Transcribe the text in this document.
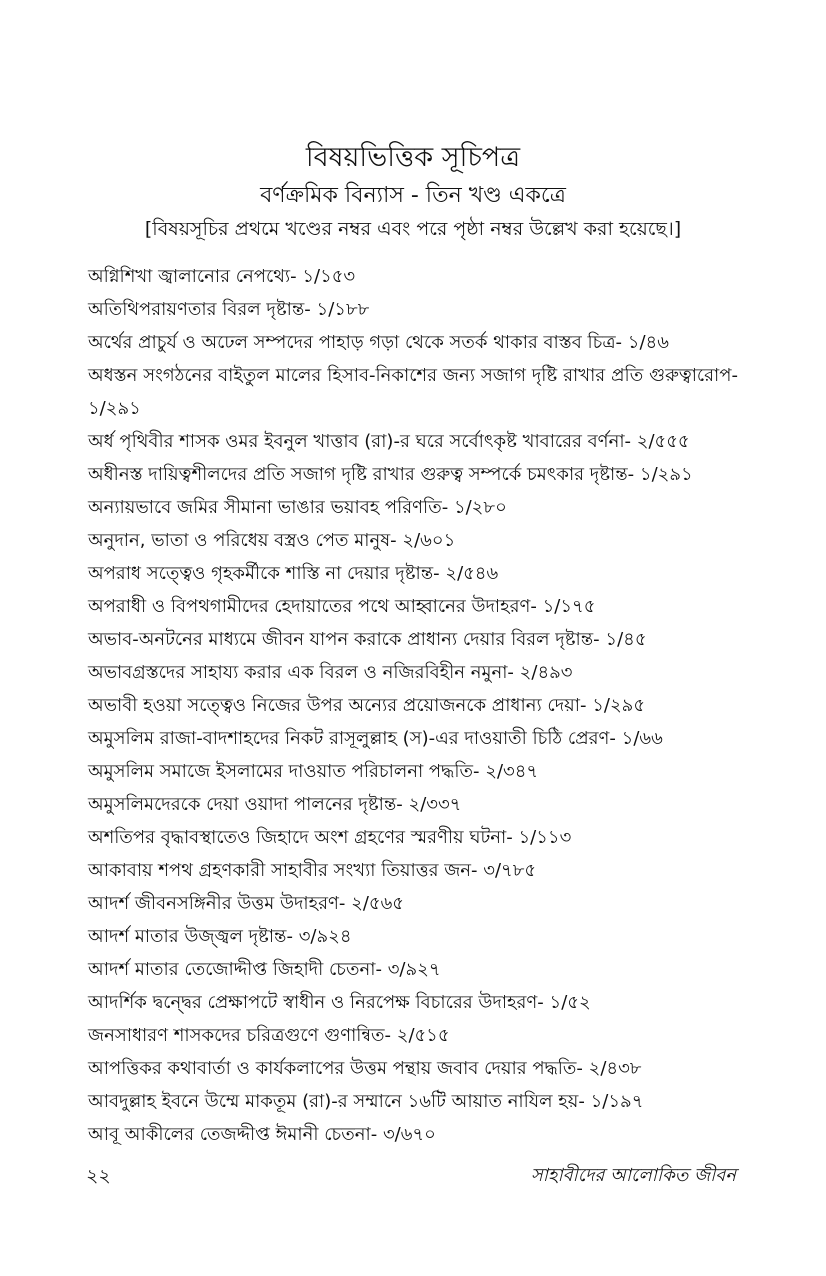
বিষয়ভিত্তিক সূচিপত্র
বর্ণক্রমিক বিন্যাস - তিন খণ্ড একত্রে
[বিষয়সূচির প্রথমে খণ্ডের নম্বর এবং পরে পৃষ্ঠা নম্বর উল্লেখ করা হয়েছে।]

অগ্নিশিখা জ্বালানোর নেপথ্যে- ১/১৫৩

অতিথিপরায়ণতার বিরল দৃষ্টান্ত- ১/১৮৮

অর্থের প্রাচুর্য ও অঢেল সম্পদের পাহাড় গড়া থেকে সতর্ক থাকার বাস্তব চিত্র- ১/৪৬

অধস্তন সংগঠনের বাইতুল মালের হিসাব-নিকাশের জন্য সজাগ দৃষ্টি রাখার প্রতি গুরুত্বারোপ- ১/২৯১

অর্ধ পৃথিবীর শাসক ওমর ইবনুল খাত্তাব (রা)-র ঘরে সর্বোৎকৃষ্ট খাবারের বর্ণনা- ২/৫৫৫

অধীনস্ত দায়িত্বশীলদের প্রতি সজাগ দৃষ্টি রাখার গুরুত্ব সম্পর্কে চমৎকার দৃষ্টান্ত- ১/২৯১

অন্যায়ভাবে জমির সীমানা ভাঙার ভয়াবহ পরিণতি- ১/২৮০

অনুদান, ভাতা ও পরিধেয় বস্ত্রও পেত মানুষ- ২/৬০১

অপরাধ সত্ত্বেও গৃহকর্মীকে শাস্তি না দেয়ার দৃষ্টান্ত- ২/৫৪৬

অপরাধী ও বিপথগামীদের হেদায়াতের পথে আহ্বানের উদাহরণ- ১/১৭৫

অভাব-অনটনের মাধ্যমে জীবন যাপন করাকে প্রাধান্য দেয়ার বিরল দৃষ্টান্ত- ১/৪৫

অভাবগ্রস্তদের সাহায্য করার এক বিরল ও নজিরবিহীন নমুনা- ২/৪৯৩

অভাবী হওয়া সত্ত্বেও নিজের উপর অন্যের প্রয়োজনকে প্রাধান্য দেয়া- ১/২৯৫

অমুসলিম রাজা-বাদশাহদের নিকট রাসূলুল্লাহ (স)-এর দাওয়াতী চিঠি প্রেরণ- ১/৬৬

অমুসলিম সমাজে ইসলামের দাওয়াত পরিচালনা পদ্ধতি- ২/৩৪৭

অমুসলিমদেরকে দেয়া ওয়াদা পালনের দৃষ্টান্ত- ২/৩৩৭

অশতিপর বৃদ্ধাবস্থাতেও জিহাদে অংশ গ্রহণের স্মরণীয় ঘটনা- ১/১১৩

আকাবায় শপথ গ্রহণকারী সাহাবীর সংখ্যা তিয়াত্তর জন- ৩/৭৮৫

আদর্শ জীবনসঙ্গিনীর উত্তম উদাহরণ- ২/৫৬৫

আদর্শ মাতার উজ্জ্বল দৃষ্টান্ত- ৩/৯২৪

আদর্শ মাতার তেজোদ্দীপ্ত জিহাদী চেতনা- ৩/৯২৭

আদর্শিক দ্বন্দ্বের প্রেক্ষাপটে স্বাধীন ও নিরপেক্ষ বিচারের উদাহরণ- ১/৫২

জনসাধারণ শাসকদের চরিত্রগুণে গুণান্বিত- ২/৫১৫

আপত্তিকর কথাবার্তা ও কার্যকলাপের উত্তম পন্থায় জবাব দেয়ার পদ্ধতি- ২/৪৩৮

আবদুল্লাহ ইবনে উম্মে মাকতূম (রা)-র সম্মানে ১৬টি আয়াত নাযিল হয়- ১/১৯৭

আবূ আকীলের তেজদ্দীপ্ত ঈমানী চেতনা- ৩/৬৭০

২২	সাহাবীদের আলোকিত জীবন
